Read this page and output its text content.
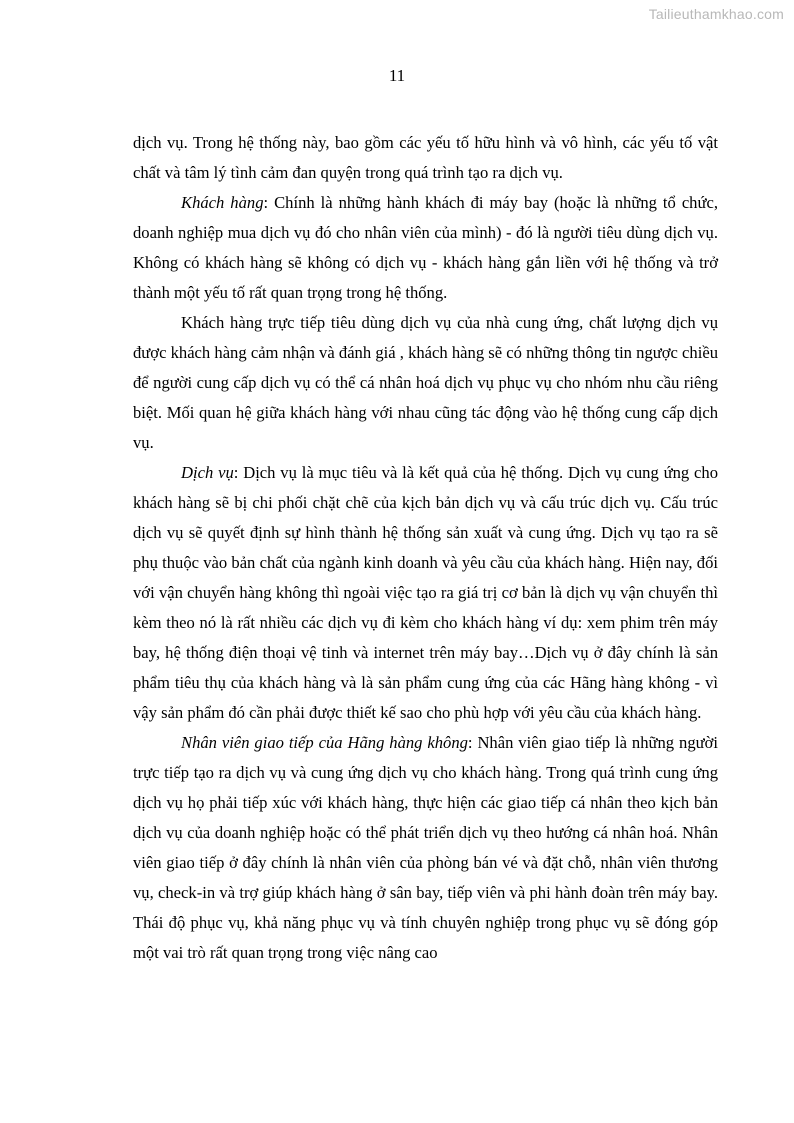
Tailieuthamkhao.com
11

dịch vụ. Trong hệ thống này, bao gồm các yếu tố hữu hình và vô hình, các yếu tố vật chất và tâm lý tình cảm đan quyện trong quá trình tạo ra dịch vụ.

Khách hàng: Chính là những hành khách đi máy bay (hoặc là những tổ chức, doanh nghiệp mua dịch vụ đó cho nhân viên của mình) - đó là người tiêu dùng dịch vụ. Không có khách hàng sẽ không có dịch vụ - khách hàng gắn liền với hệ thống và trở thành một yếu tố rất quan trọng trong hệ thống.

Khách hàng trực tiếp tiêu dùng dịch vụ của nhà cung ứng, chất lượng dịch vụ được khách hàng cảm nhận và đánh giá , khách hàng sẽ có những thông tin ngược chiều để người cung cấp dịch vụ có thể cá nhân hoá dịch vụ phục vụ cho nhóm nhu cầu riêng biệt. Mối quan hệ giữa khách hàng với nhau cũng tác động vào hệ thống cung cấp dịch vụ.

Dịch vụ: Dịch vụ là mục tiêu và là kết quả của hệ thống. Dịch vụ cung ứng cho khách hàng sẽ bị chi phối chặt chẽ của kịch bản dịch vụ và cấu trúc dịch vụ. Cấu trúc dịch vụ sẽ quyết định sự hình thành hệ thống sản xuất và cung ứng. Dịch vụ tạo ra sẽ phụ thuộc vào bản chất của ngành kinh doanh và yêu cầu của khách hàng. Hiện nay, đối với vận chuyển hàng không thì ngoài việc tạo ra giá trị cơ bản là dịch vụ vận chuyển thì kèm theo nó là rất nhiều các dịch vụ đi kèm cho khách hàng ví dụ: xem phim trên máy bay, hệ thống điện thoại vệ tinh và internet trên máy bay…Dịch vụ ở đây chính là sản phẩm tiêu thụ của khách hàng và là sản phẩm cung ứng của các Hãng hàng không - vì vậy sản phẩm đó cần phải được thiết kế sao cho phù hợp với yêu cầu của khách hàng.

Nhân viên giao tiếp của Hãng hàng không: Nhân viên giao tiếp là những người trực tiếp tạo ra dịch vụ và cung ứng dịch vụ cho khách hàng. Trong quá trình cung ứng dịch vụ họ phải tiếp xúc với khách hàng, thực hiện các giao tiếp cá nhân theo kịch bản dịch vụ của doanh nghiệp hoặc có thể phát triển dịch vụ theo hướng cá nhân hoá. Nhân viên giao tiếp ở đây chính là nhân viên của phòng bán vé và đặt chỗ, nhân viên thương vụ, check-in và trợ giúp khách hàng ở sân bay, tiếp viên và phi hành đoàn trên máy bay. Thái độ phục vụ, khả năng phục vụ và tính chuyên nghiệp trong phục vụ sẽ đóng góp một vai trò rất quan trọng trong việc nâng cao
